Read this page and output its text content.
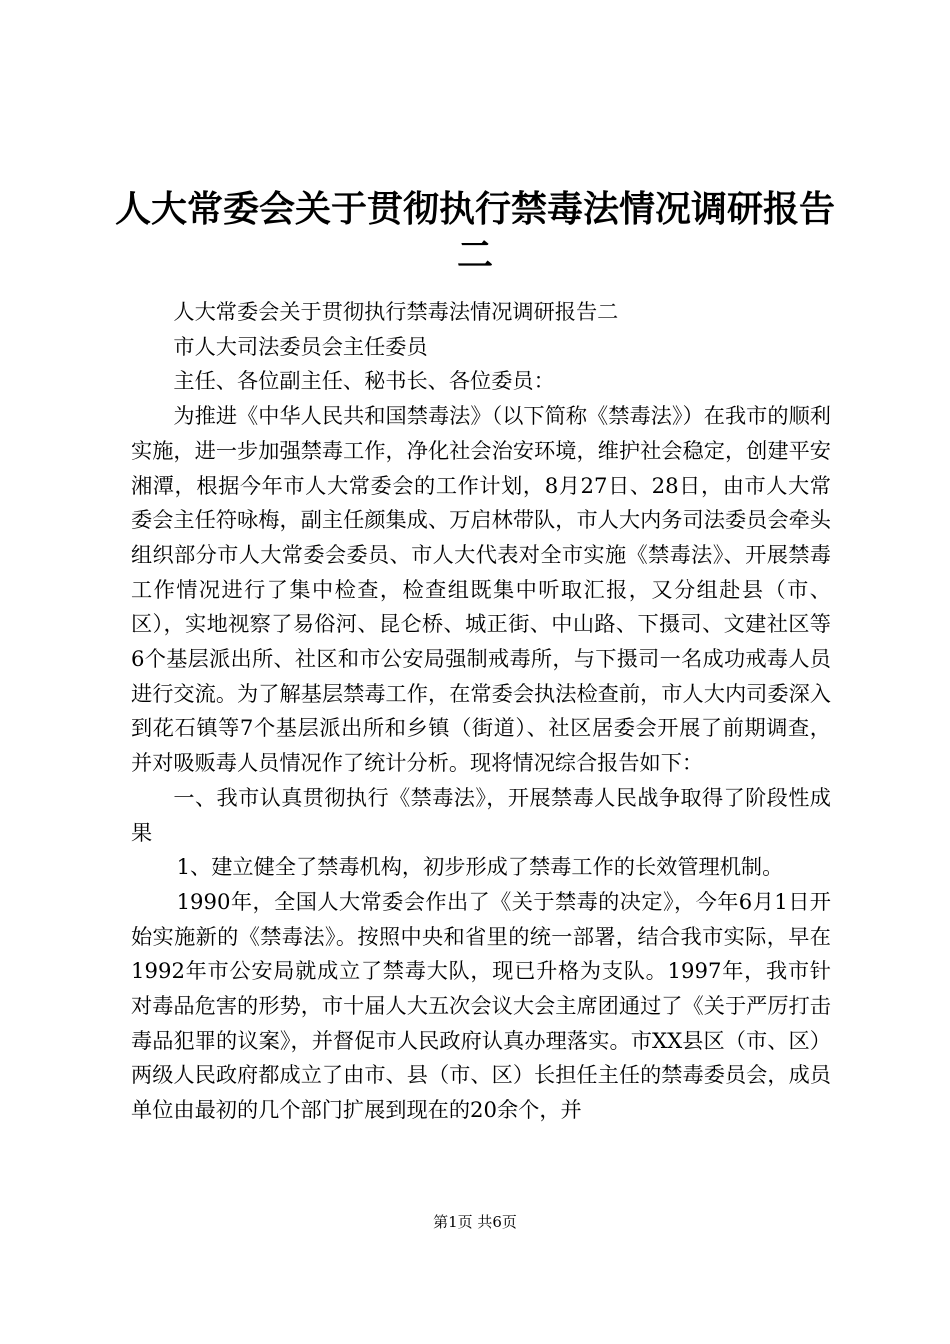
人大常委会关于贯彻执行禁毒法情况调研报告
二

人大常委会关于贯彻执行禁毒法情况调研报告二

市人大司法委员会主任委员

主任、各位副主任、秘书长、各位委员：

为推进《中华人民共和国禁毒法》（以下简称《禁毒法》）在我市的顺利实施，进一步加强禁毒工作，净化社会治安环境，维护社会稳定，创建平安湘潭，根据今年市人大常委会的工作计划，8月27日、28日，由市人大常委会主任符咏梅，副主任颜集成、万启林带队，市人大内务司法委员会牵头组织部分市人大常委会委员、市人大代表对全市实施《禁毒法》、开展禁毒工作情况进行了集中检查，检查组既集中听取汇报，又分组赴县（市、区），实地视察了易俗河、昆仑桥、城正街、中山路、下摄司、文建社区等6个基层派出所、社区和市公安局强制戒毒所，与下摄司一名成功戒毒人员进行交流。为了解基层禁毒工作，在常委会执法检查前，市人大内司委深入到花石镇等7个基层派出所和乡镇（街道）、社区居委会开展了前期调查，并对吸贩毒人员情况作了统计分析。现将情况综合报告如下：

一、我市认真贯彻执行《禁毒法》，开展禁毒人民战争取得了阶段性成果

1、建立健全了禁毒机构，初步形成了禁毒工作的长效管理机制。

1990年，全国人大常委会作出了《关于禁毒的决定》，今年6月1日开始实施新的《禁毒法》。按照中央和省里的统一部署，结合我市实际，早在1992年市公安局就成立了禁毒大队，现已升格为支队。1997年，我市针对毒品危害的形势，市十届人大五次会议大会主席团通过了《关于严厉打击毒品犯罪的议案》，并督促市人民政府认真办理落实。市XX县区（市、区）两级人民政府都成立了由市、县（市、区）长担任主任的禁毒委员会，成员单位由最初的几个部门扩展到现在的20余个，并

第1页 共6页
